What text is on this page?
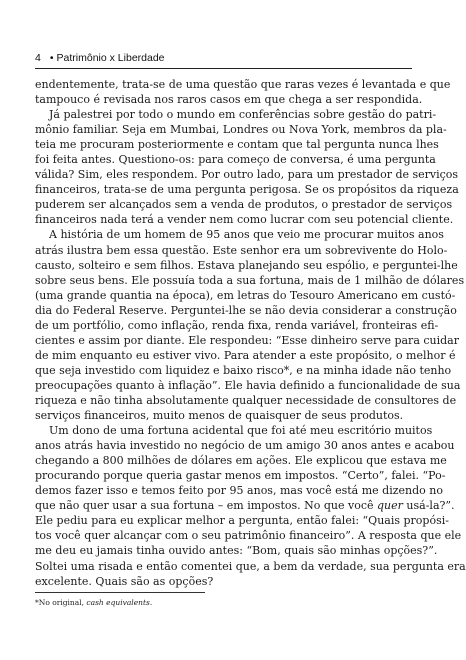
4 • Patrimônio x Liberdade
endentemente, trata-se de uma questão que raras vezes é levantada e que
tampouco é revisada nos raros casos em que chega a ser respondida.
Já palestrei por todo o mundo em conferências sobre gestão do patri-
mônio familiar. Seja em Mumbai, Londres ou Nova York, membros da pla-
teia me procuram posteriormente e contam que tal pergunta nunca lhes
foi feita antes. Questiono-os: para começo de conversa, é uma pergunta
válida? Sim, eles respondem. Por outro lado, para um prestador de serviços
financeiros, trata-se de uma pergunta perigosa. Se os propósitos da riqueza
puderem ser alcançados sem a venda de produtos, o prestador de serviços
financeiros nada terá a vender nem como lucrar com seu potencial cliente.
A história de um homem de 95 anos que veio me procurar muitos anos
atrás ilustra bem essa questão. Este senhor era um sobrevivente do Holo-
causto, solteiro e sem filhos. Estava planejando seu espólio, e perguntei-lhe
sobre seus bens. Ele possuía toda a sua fortuna, mais de 1 milhão de dólares
(uma grande quantia na época), em letras do Tesouro Americano em custó-
dia do Federal Reserve. Perguntei-lhe se não devia considerar a construção
de um portfólio, como inflação, renda fixa, renda variável, fronteiras efi-
cientes e assim por diante. Ele respondeu: “Esse dinheiro serve para cuidar
de mim enquanto eu estiver vivo. Para atender a este propósito, o melhor é
que seja investido com liquidez e baixo risco*, e na minha idade não tenho
preocupações quanto à inflação”. Ele havia definido a funcionalidade de sua
riqueza e não tinha absolutamente qualquer necessidade de consultores de
serviços financeiros, muito menos de quaisquer de seus produtos.
Um dono de uma fortuna acidental que foi até meu escritório muitos
anos atrás havia investido no negócio de um amigo 30 anos antes e acabou
chegando a 800 milhões de dólares em ações. Ele explicou que estava me
procurando porque queria gastar menos em impostos. “Certo”, falei. “Po-
demos fazer isso e temos feito por 95 anos, mas você está me dizendo no
que não quer usar a sua fortuna – em impostos. No que você quer usá-la?”.
Ele pediu para eu explicar melhor a pergunta, então falei: “Quais propósi-
tos você quer alcançar com o seu patrimônio financeiro”. A resposta que ele
me deu eu jamais tinha ouvido antes: “Bom, quais são minhas opções?”.
Soltei uma risada e então comentei que, a bem da verdade, sua pergunta era
excelente. Quais são as opções?
*No original, cash equivalents.
